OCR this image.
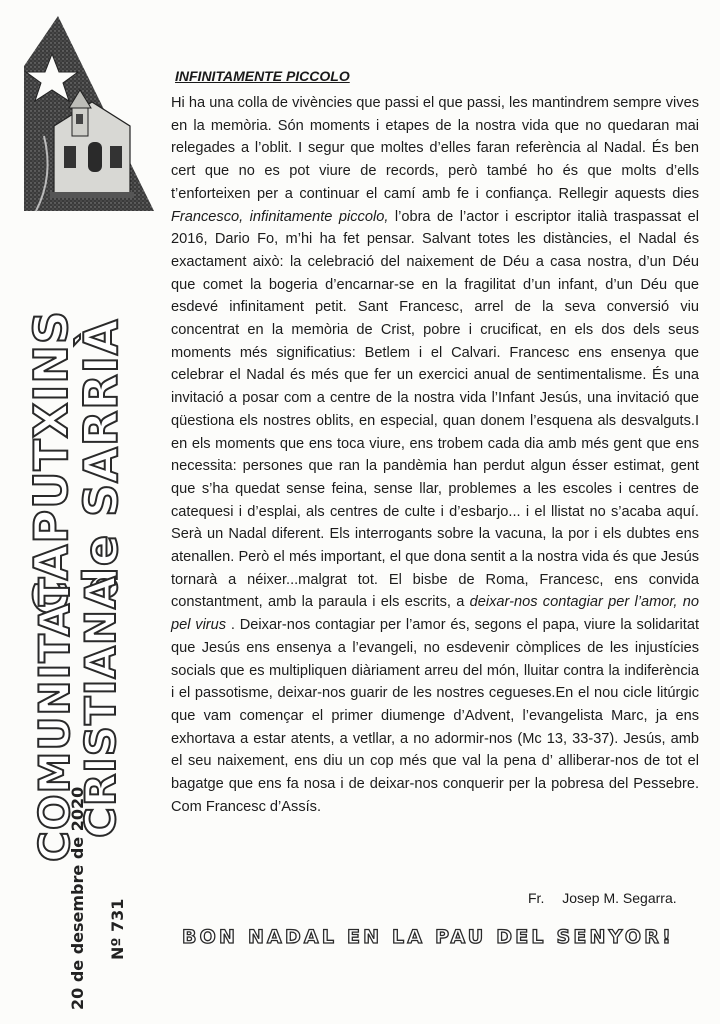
CAPUTXINS
de SARRIÀ
COMUNITAT
CRISTIANA
20 de desembre de 2020 Nº 731
INFINITAMENTE PICCOLO

Hi ha una colla de vivències que passi el que passi, les mantindrem sempre vives en la memòria. Són moments i etapes de la nostra vida que no quedaran mai relegades a l’oblit. I segur que moltes d’elles faran referència al Nadal. És ben cert que no es pot viure de records, però també ho és que molts d’ells t’enforteixen per a continuar el camí amb fe i confiança. Rellegir aquests dies Francesco, infinitamente piccolo, l’obra de l’actor i escriptor italià traspassat el 2016, Dario Fo, m’hi ha fet pensar. Salvant totes les distàncies, el Nadal és exactament això: la celebració del naixement de Déu a casa nostra, d’un Déu que comet la bogeria d’encarnar-se en la fragilitat d’un infant, d’un Déu que esdevé infinitament petit. Sant Francesc, arrel de la seva conversió viu concentrat en la memòria de Crist, pobre i crucificat, en els dos dels seus moments més significatius: Betlem i el Calvari. Francesc ens ensenya que celebrar el Nadal és més que fer un exercici anual de sentimentalisme. És una invitació a posar com a centre de la nostra vida l’Infant Jesús, una invitació que qüestiona els nostres oblits, en especial, quan donem l’esquena als desvalguts.I en els moments que ens toca viure, ens trobem cada dia amb més gent que ens necessita: persones que ran la pandèmia han perdut algun ésser estimat, gent que s’ha quedat sense feina, sense llar, problemes a les escoles i centres de catequesi i d’esplai, als centres de culte i d’esbarjo... i el llistat no s’acaba aquí. Serà un Nadal diferent. Els interrogants sobre la vacuna, la por i els dubtes ens atenallen. Però el més important, el que dona sentit a la nostra vida és que Jesús tornarà a néixer...malgrat tot. El bisbe de Roma, Francesc, ens convida constantment, amb la paraula i els escrits, a deixar-nos contagiar per l’amor, no pel virus . Deixar-nos contagiar per l’amor és, segons el papa, viure la solidaritat que Jesús ens ensenya a l’evangeli, no esdevenir còmplices de les injustícies socials que es multipliquen diàriament arreu del món, lluitar contra la indiferència i el passotisme, deixar-nos guarir de les nostres cegueses.En el nou cicle litúrgic que vam començar el primer diumenge d’Advent, l’evangelista Marc, ja ens exhortava a estar atents, a vetllar, a no adormir-nos (Mc 13, 33-37). Jesús, amb el seu naixement, ens diu un cop més que val la pena d’ alliberar-nos de tot el bagatge que ens fa nosa i de deixar-nos conquerir per la pobresa del Pessebre. Com Francesc d’Assís.

Fr. Josep M. Segarra.
BON NADAL EN LA PAU DEL SENYOR!
